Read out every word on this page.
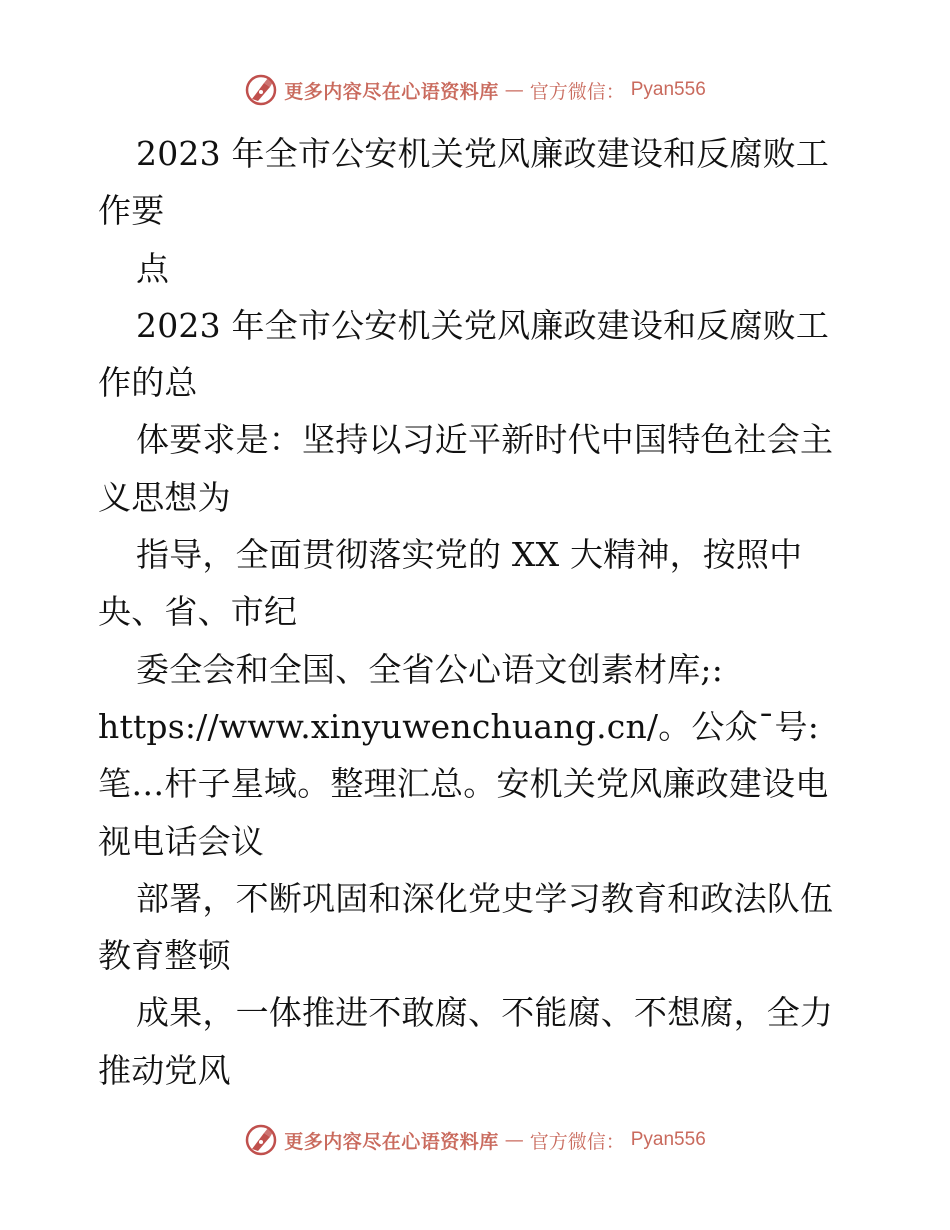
更多内容尽在心语资料库 — 官方微信： Pyan556
2023 年全市公安机关党风廉政建设和反腐败工
作要
点
2023 年全市公安机关党风廉政建设和反腐败工
作的总
体要求是：坚持以习近平新时代中国特色社会主
义思想为
指导，全面贯彻落实党的 XX 大精神，按照中
央、省、市纪
委全会和全国、全省公心语文创素材库;:
https://www.xinyuwenchuang.cn/。公众¯号:
笔…杆子星域。整理汇总。安机关党风廉政建设电
视电话会议
部署，不断巩固和深化党史学习教育和政法队伍
教育整顿
成果，一体推进不敢腐、不能腐、不想腐，全力
推动党风
更多内容尽在心语资料库 — 官方微信： Pyan556
